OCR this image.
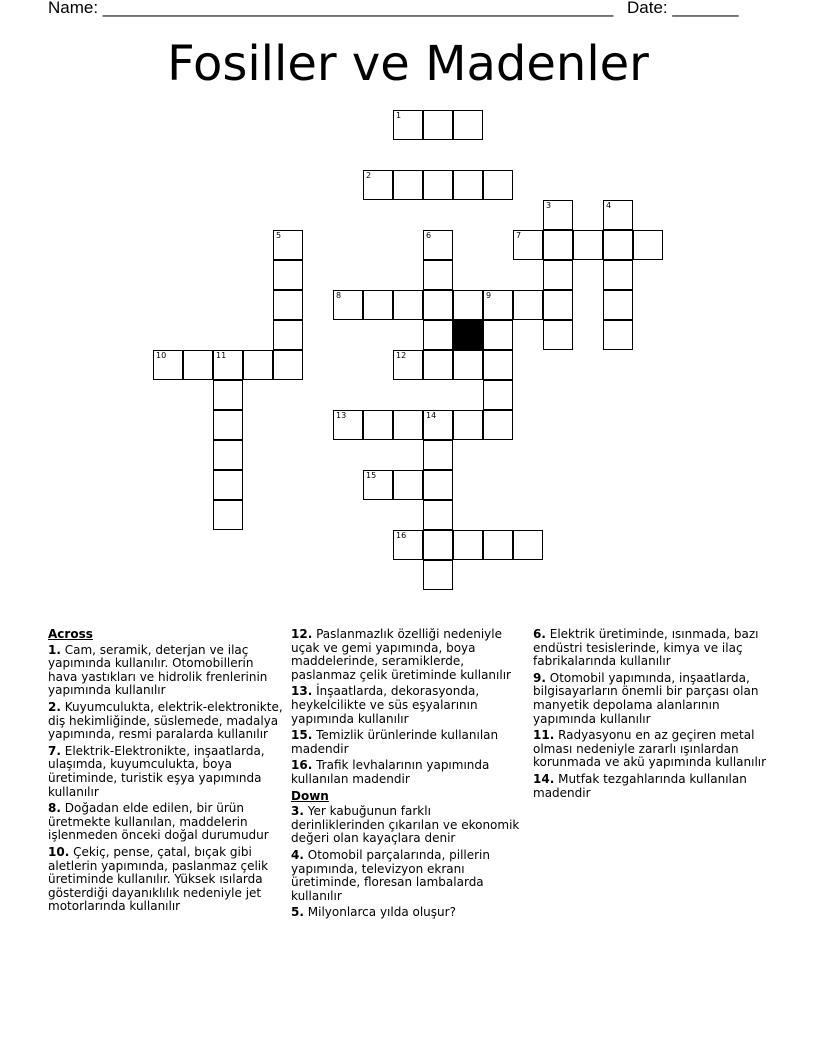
Name: ______________________________________________________ Date: _______
Fosiller ve Madenler
1
2
3	4
5	6	7
8	9
10	11	12
13	14
15
16
Across
1. Cam, seramik, deterjan ve ilaç yapımında kullanılır. Otomobillerin hava yastıkları ve hidrolik frenlerinin yapımında kullanılır
2. Kuyumculukta, elektrik-elektronikte, diş hekimliğinde, süslemede, madalya yapımında, resmi paralarda kullanılır
7. Elektrik-Elektronikte, inşaatlarda, ulaşımda, kuyumculukta, boya üretiminde, turistik eşya yapımında kullanılır
8. Doğadan elde edilen, bir ürün üretmekte kullanılan, maddelerin işlenmeden önceki doğal durumudur
10. Çekiç, pense, çatal, bıçak gibi aletlerin yapımında, paslanmaz çelik üretiminde kullanılır. Yüksek ısılarda gösterdiği dayanıklılık nedeniyle jet motorlarında kullanılır
12. Paslanmazlık özelliği nedeniyle uçak ve gemi yapımında, boya maddelerinde, seramiklerde, paslanmaz çelik üretiminde kullanılır
13. İnşaatlarda, dekorasyonda, heykelcilikte ve süs eşyalarının yapımında kullanılır
15. Temizlik ürünlerinde kullanılan madendir
16. Trafik levhalarının yapımında kullanılan madendir
Down
3. Yer kabuğunun farklı derinliklerinden çıkarılan ve ekonomik değeri olan kayaçlara denir
4. Otomobil parçalarında, pillerin yapımında, televizyon ekranı üretiminde, floresan lambalarda kullanılır
5. Milyonlarca yılda oluşur?
6. Elektrik üretiminde, ısınmada, bazı endüstri tesislerinde, kimya ve ilaç fabrikalarında kullanılır
9. Otomobil yapımında, inşaatlarda, bilgisayarların önemli bir parçası olan manyetik depolama alanlarının yapımında kullanılır
11. Radyasyonu en az geçiren metal olması nedeniyle zararlı ışınlardan korunmada ve akü yapımında kullanılır
14. Mutfak tezgahlarında kullanılan madendir
